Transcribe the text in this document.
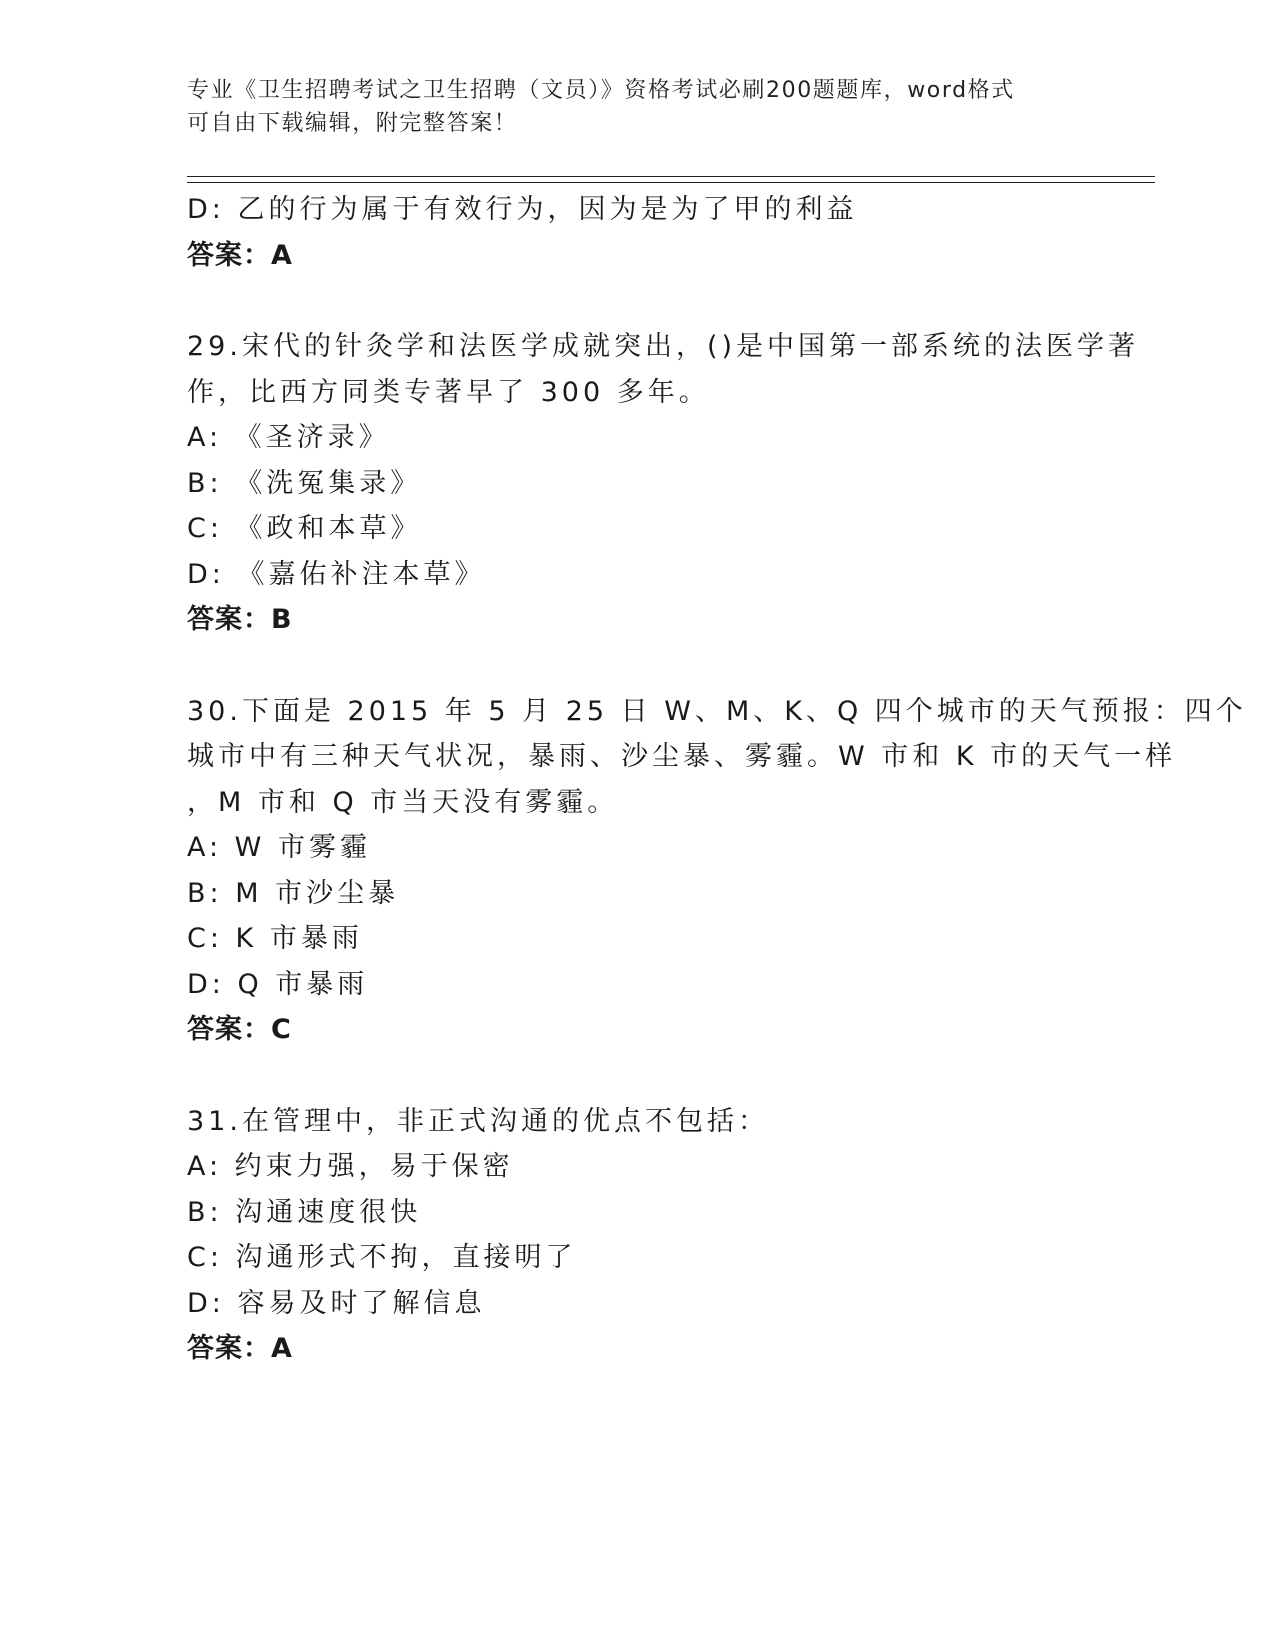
专业《卫生招聘考试之卫生招聘（文员）》资格考试必刷200题题库，word格式
可自由下载编辑，附完整答案！
D: 乙的行为属于有效行为，因为是为了甲的利益
答案：A
29.宋代的针灸学和法医学成就突出，()是中国第一部系统的法医学著
作，比西方同类专著早了 300 多年。
A: 《圣济录》
B: 《洗冤集录》
C: 《政和本草》
D: 《嘉佑补注本草》
答案：B
30.下面是 2015 年 5 月 25 日 W、M、K、Q 四个城市的天气预报：四个
城市中有三种天气状况，暴雨、沙尘暴、雾霾。W 市和 K 市的天气一样
，M 市和 Q 市当天没有雾霾。
A: W 市雾霾
B: M 市沙尘暴
C: K 市暴雨
D: Q 市暴雨
答案：C
31.在管理中，非正式沟通的优点不包括：
A: 约束力强，易于保密
B: 沟通速度很快
C: 沟通形式不拘，直接明了
D: 容易及时了解信息
答案：A
